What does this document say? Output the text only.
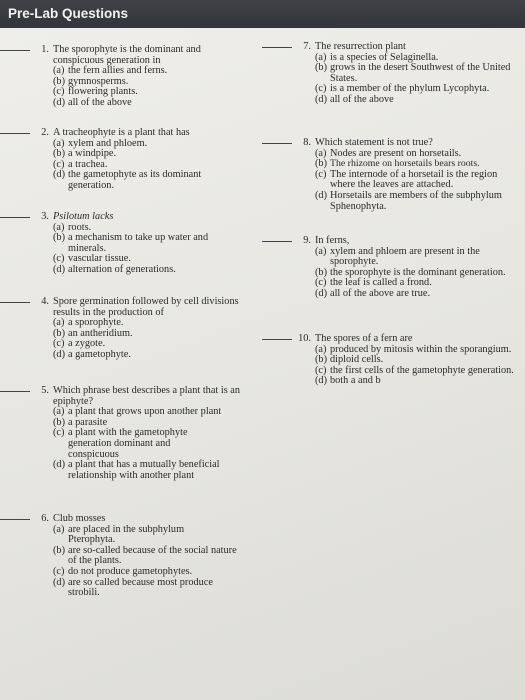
Pre-Lab Questions
1. The sporophyte is the dominant and conspicuous generation in
(a) the fern allies and ferns.
(b) gymnosperms.
(c) flowering plants.
(d) all of the above
2. A tracheophyte is a plant that has
(a) xylem and phloem.
(b) a windpipe.
(c) a trachea.
(d) the gametophyte as its dominant generation.
3. Psilotum lacks
(a) roots.
(b) a mechanism to take up water and minerals.
(c) vascular tissue.
(d) alternation of generations.
4. Spore germination followed by cell divisions results in the production of
(a) a sporophyte.
(b) an antheridium.
(c) a zygote.
(d) a gametophyte.
5. Which phrase best describes a plant that is an epiphyte?
(a) a plant that grows upon another plant
(b) a parasite
(c) a plant with the gametophyte generation dominant and conspicuous
(d) a plant that has a mutually beneficial relationship with another plant
6. Club mosses
(a) are placed in the subphylum Pterophyta.
(b) are so-called because of the social nature of the plants.
(c) do not produce gametophytes.
(d) are so called because most produce strobili.
7. The resurrection plant
(a) is a species of Selaginella.
(b) grows in the desert Southwest of the United States.
(c) is a member of the phylum Lycophyta.
(d) all of the above
8. Which statement is not true?
(a) Nodes are present on horsetails.
(b) The rhizome on horsetails bears roots.
(c) The internode of a horsetail is the region where the leaves are attached.
(d) Horsetails are members of the subphylum Sphenophyta.
9. In ferns,
(a) xylem and phloem are present in the sporophyte.
(b) the sporophyte is the dominant generation.
(c) the leaf is called a frond.
(d) all of the above are true.
10. The spores of a fern are
(a) produced by mitosis within the sporangium.
(b) diploid cells.
(c) the first cells of the gametophyte generation.
(d) both a and b
